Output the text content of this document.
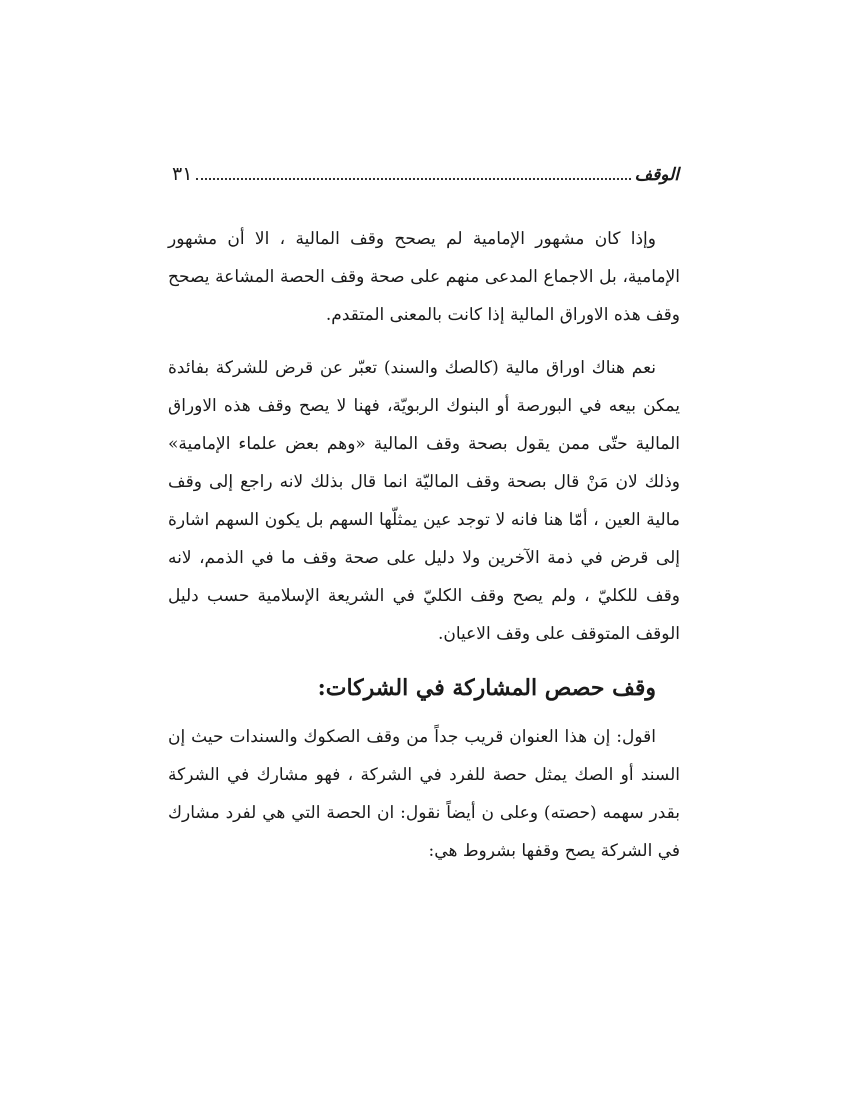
الوقف
٣١

وإذا كان مشهور الإمامية لم يصحح وقف المالية ، الا أن مشهور الإمامية، بل الاجماع المدعى منهم على صحة وقف الحصة المشاعة يصحح وقف هذه الاوراق المالية إذا كانت بالمعنى المتقدم.

نعم هناك اوراق مالية (كالصك والسند) تعبّر عن قرض للشركة بفائدة يمكن بيعه في البورصة أو البنوك الربويّة، فهنا لا يصح وقف هذه الاوراق المالية حتّى ممن يقول بصحة وقف المالية «وهم بعض علماء الإمامية» وذلك لان مَنْ قال بصحة وقف الماليّة انما قال بذلك لانه راجع إلى وقف مالية العين ، أمّا هنا فانه لا توجد عين يمثلّها السهم بل يكون السهم اشارة إلى قرض في ذمة الآخرين ولا دليل على صحة وقف ما في الذمم، لانه وقف للكليّ ، ولم يصح وقف الكليّ في الشريعة الإسلامية حسب دليل الوقف المتوقف على وقف الاعيان.

وقف حصص المشاركة في الشركات:

اقول: إن هذا العنوان قريب جداً من وقف الصكوك والسندات حيث إن السند أو الصك يمثل حصة للفرد في الشركة ، فهو مشارك في الشركة بقدر سهمه (حصته) وعلى ن أيضاً نقول: ان الحصة التي هي لفرد مشارك في الشركة يصح وقفها بشروط هي:
